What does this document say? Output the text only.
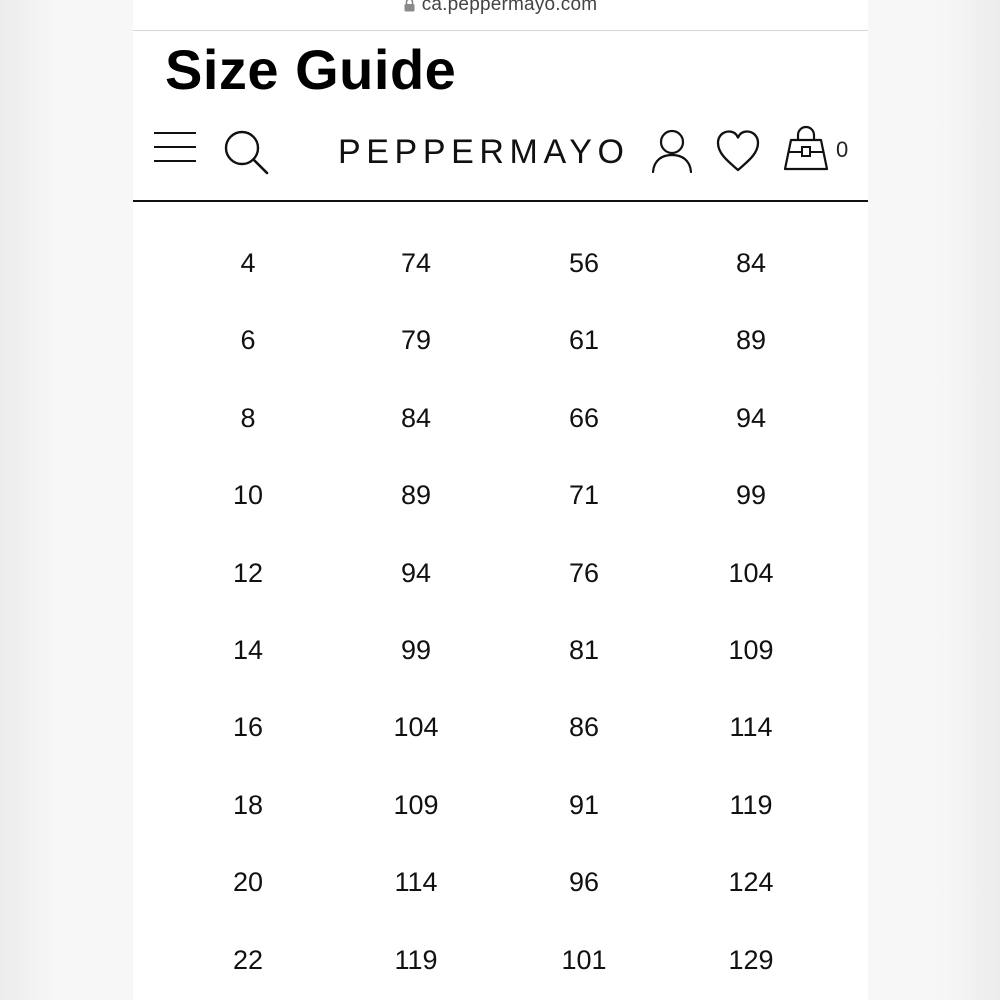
ca.peppermayo.com
Size Guide
PEPPERMAYO	0
4	74	56	84
6	79	61	89
8	84	66	94
10	89	71	99
12	94	76	104
14	99	81	109
16	104	86	114
18	109	91	119
20	114	96	124
22	119	101	129
